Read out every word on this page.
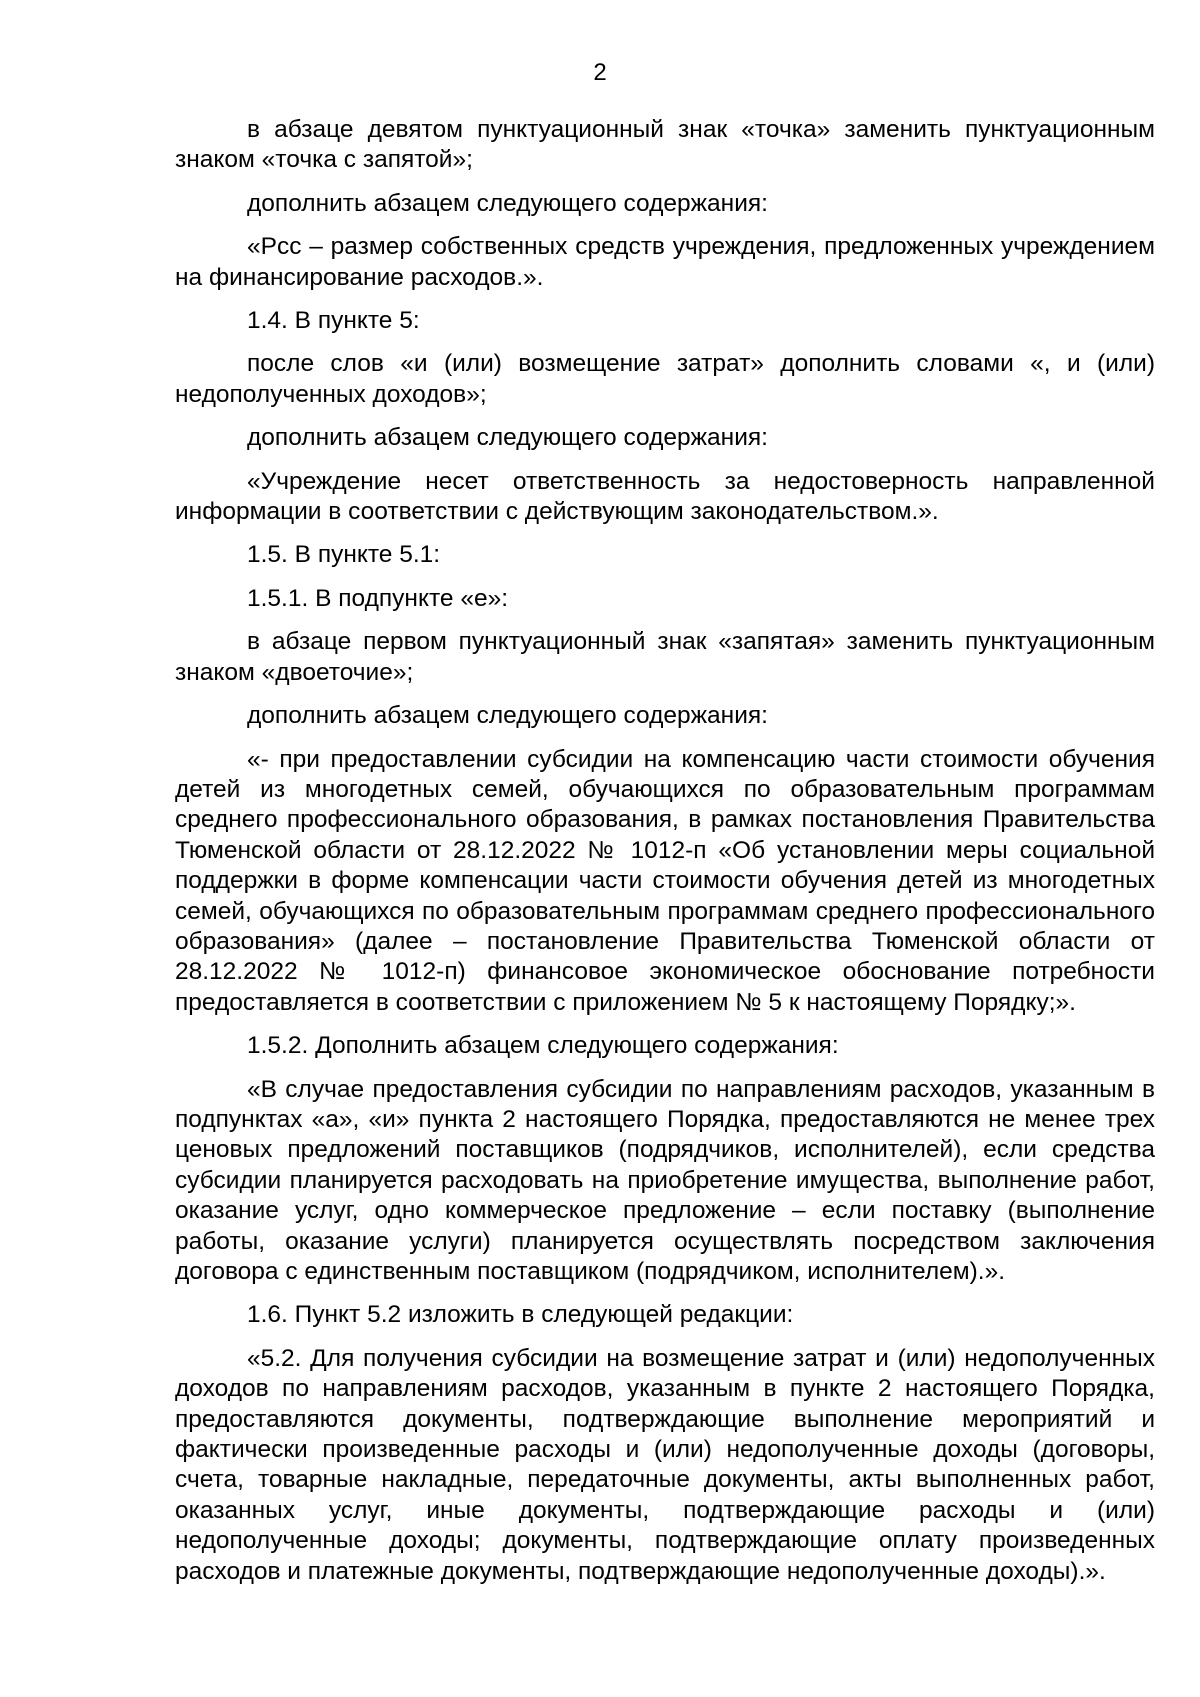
2

в абзаце девятом пунктуационный знак «точка» заменить пунктуационным знаком «точка с запятой»;

дополнить абзацем следующего содержания:

«Рсс – размер собственных средств учреждения, предложенных учреждением на финансирование расходов.».

1.4. В пункте 5:

после слов «и (или) возмещение затрат» дополнить словами «, и (или) недополученных доходов»;

дополнить абзацем следующего содержания:

«Учреждение несет ответственность за недостоверность направленной информации в соответствии с действующим законодательством.».

1.5. В пункте 5.1:

1.5.1. В подпункте «е»:

в абзаце первом пунктуационный знак «запятая» заменить пунктуационным знаком «двоеточие»;

дополнить абзацем следующего содержания:

«- при предоставлении субсидии на компенсацию части стоимости обучения детей из многодетных семей, обучающихся по образовательным программам среднего профессионального образования, в рамках постановления Правительства Тюменской области от 28.12.2022 № 1012-п «Об установлении меры социальной поддержки в форме компенсации части стоимости обучения детей из многодетных семей, обучающихся по образовательным программам среднего профессионального образования» (далее – постановление Правительства Тюменской области от 28.12.2022 № 1012-п) финансовое экономическое обоснование потребности предоставляется в соответствии с приложением № 5 к настоящему Порядку;».

1.5.2. Дополнить абзацем следующего содержания:

«В случае предоставления субсидии по направлениям расходов, указанным в подпунктах «а», «и» пункта 2 настоящего Порядка, предоставляются не менее трех ценовых предложений поставщиков (подрядчиков, исполнителей), если средства субсидии планируется расходовать на приобретение имущества, выполнение работ, оказание услуг, одно коммерческое предложение – если поставку (выполнение работы, оказание услуги) планируется осуществлять посредством заключения договора с единственным поставщиком (подрядчиком, исполнителем).».

1.6. Пункт 5.2 изложить в следующей редакции:

«5.2. Для получения субсидии на возмещение затрат и (или) недополученных доходов по направлениям расходов, указанным в пункте 2 настоящего Порядка, предоставляются документы, подтверждающие выполнение мероприятий и фактически произведенные расходы и (или) недополученные доходы (договоры, счета, товарные накладные, передаточные документы, акты выполненных работ, оказанных услуг, иные документы, подтверждающие расходы и (или) недополученные доходы; документы, подтверждающие оплату произведенных расходов и платежные документы, подтверждающие недополученные доходы).».
